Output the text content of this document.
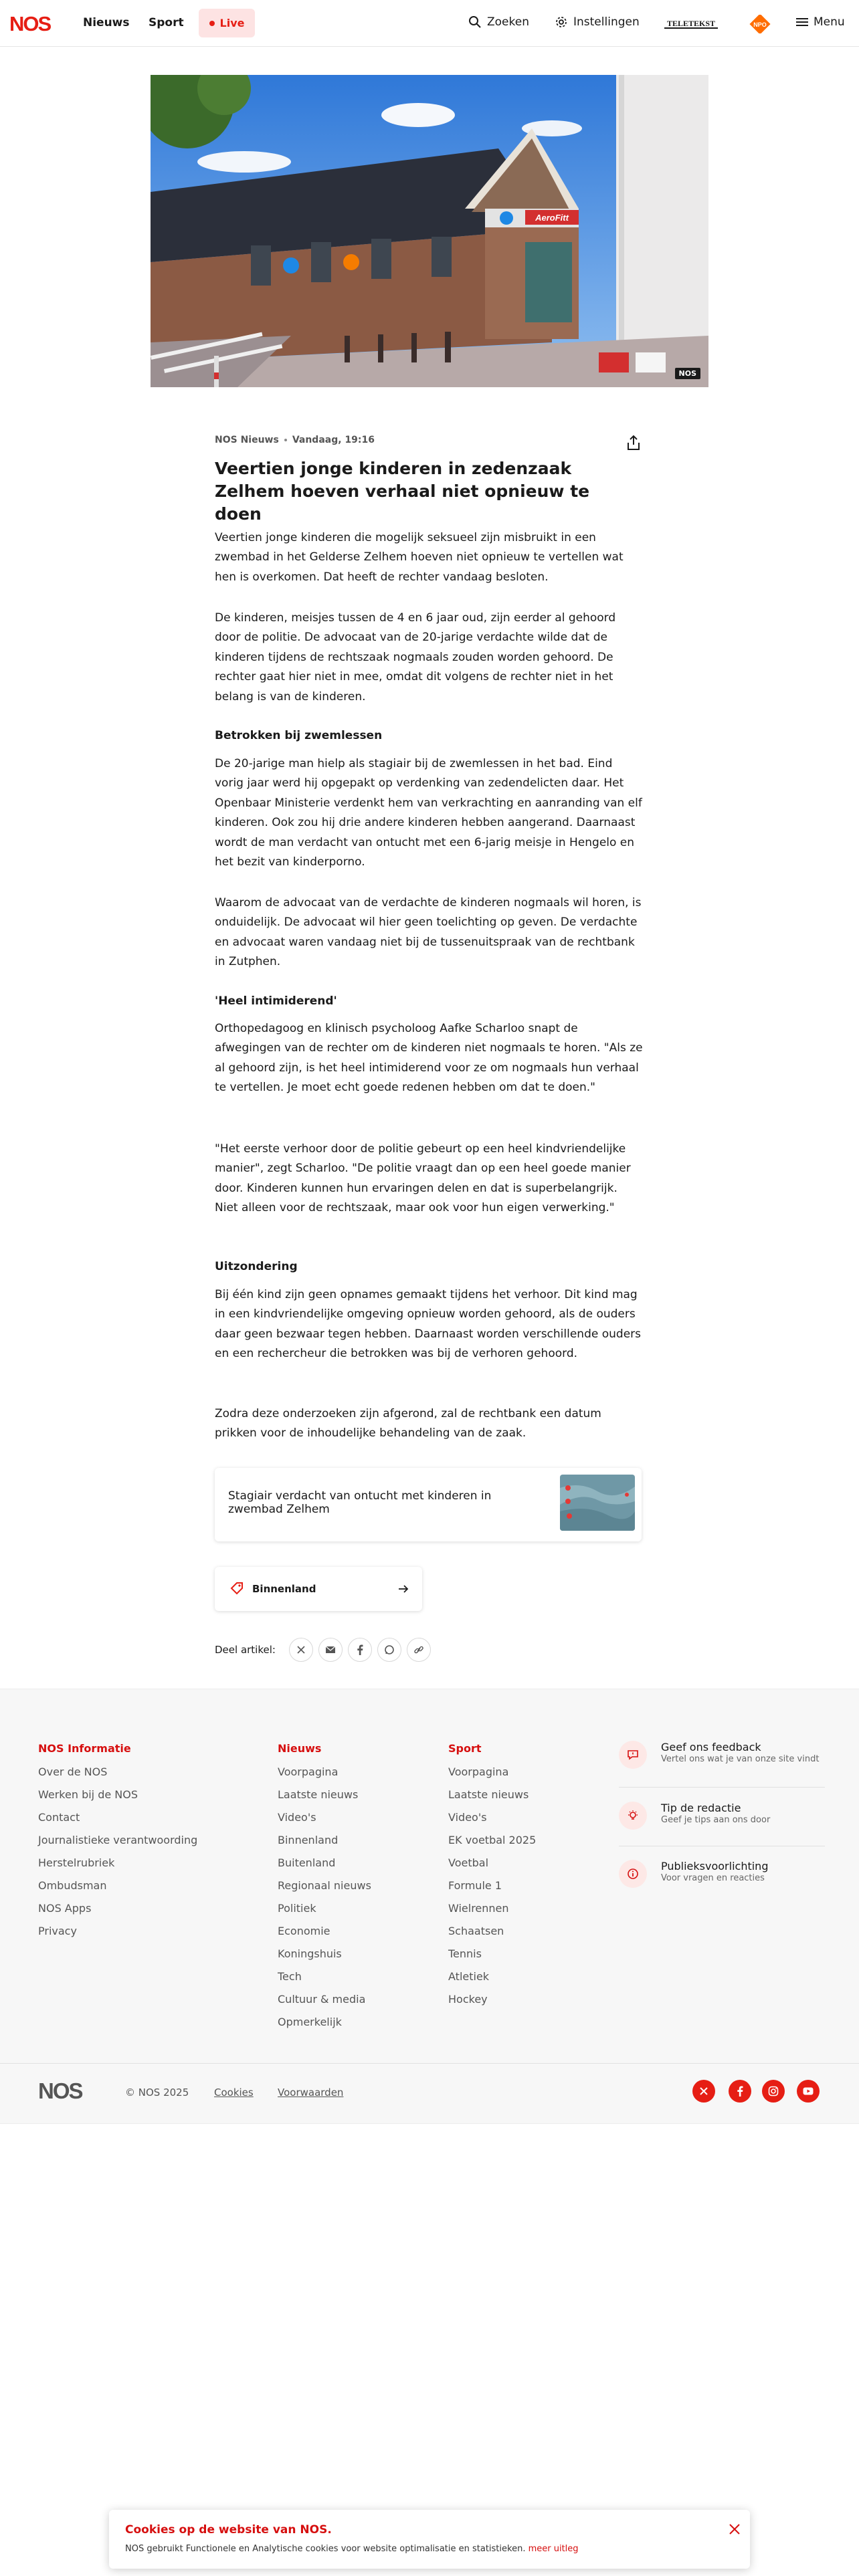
NOS	Nieuws Sport	Live	Zoeken	Instellingen	TELETEKST	NPO	Menu
AeroFitt
NOS
NOS Nieuws Vandaag, 19:16
Veertien jonge kinderen in zedenzaak Zelhem hoeven verhaal niet opnieuw te doen

Veertien jonge kinderen die mogelijk seksueel zijn misbruikt in een zwembad in het Gelderse Zelhem hoeven niet opnieuw te vertellen wat hen is overkomen. Dat heeft de rechter vandaag besloten.

De kinderen, meisjes tussen de 4 en 6 jaar oud, zijn eerder al gehoord door de politie. De advocaat van de 20-jarige verdachte wilde dat de kinderen tijdens de rechtszaak nogmaals zouden worden gehoord. De rechter gaat hier niet in mee, omdat dit volgens de rechter niet in het belang is van de kinderen.

Betrokken bij zwemlessen

De 20-jarige man hielp als stagiair bij de zwemlessen in het bad. Eind vorig jaar werd hij opgepakt op verdenking van zedendelicten daar. Het Openbaar Ministerie verdenkt hem van verkrachting en aanranding van elf kinderen. Ook zou hij drie andere kinderen hebben aangerand. Daarnaast wordt de man verdacht van ontucht met een 6-jarig meisje in Hengelo en het bezit van kinderporno.

Waarom de advocaat van de verdachte de kinderen nogmaals wil horen, is onduidelijk. De advocaat wil hier geen toelichting op geven. De verdachte en advocaat waren vandaag niet bij de tussenuitspraak van de rechtbank in Zutphen.

'Heel intimiderend'

Orthopedagoog en klinisch psycholoog Aafke Scharloo snapt de afwegingen van de rechter om de kinderen niet nogmaals te horen. "Als ze al gehoord zijn, is het heel intimiderend voor ze om nogmaals hun verhaal te vertellen. Je moet echt goede redenen hebben om dat te doen."

"Het eerste verhoor door de politie gebeurt op een heel kindvriendelijke manier", zegt Scharloo. "De politie vraagt dan op een heel goede manier door. Kinderen kunnen hun ervaringen delen en dat is superbelangrijk. Niet alleen voor de rechtszaak, maar ook voor hun eigen verwerking."

Uitzondering

Bij één kind zijn geen opnames gemaakt tijdens het verhoor. Dit kind mag in een kindvriendelijke omgeving opnieuw worden gehoord, als de ouders daar geen bezwaar tegen hebben. Daarnaast worden verschillende ouders en een rechercheur die betrokken was bij de verhoren gehoord.

Zodra deze onderzoeken zijn afgerond, zal de rechtbank een datum prikken voor de inhoudelijke behandeling van de zaak.

Stagiair verdacht van ontucht met kinderen in zwembad Zelhem
Binnenland
Deel artikel:
NOS Informatie
Over de NOS
Werken bij de NOS
Contact
Journalistieke verantwoording
Herstelrubriek
Ombudsman
NOS Apps
Privacy
Nieuws
Voorpagina
Laatste nieuws
Video's
Binnenland
Buitenland
Regionaal nieuws
Politiek
Economie
Koningshuis
Tech
Cultuur & media
Opmerkelijk
Sport
Voorpagina
Laatste nieuws
Video's
EK voetbal 2025
Voetbal
Formule 1
Wielrennen
Schaatsen
Tennis
Atletiek
Hockey
Geef ons feedback
Vertel ons wat je van onze site vindt
Tip de redactie
Geef je tips aan ons door
Publieksvoorlichting
Voor vragen en reacties
NOS	© NOS 2025	Cookies Voorwaarden
Cookies op de website van NOS.
NOS gebruikt Functionele en Analytische cookies voor website optimalisatie en statistieken. meer uitleg
